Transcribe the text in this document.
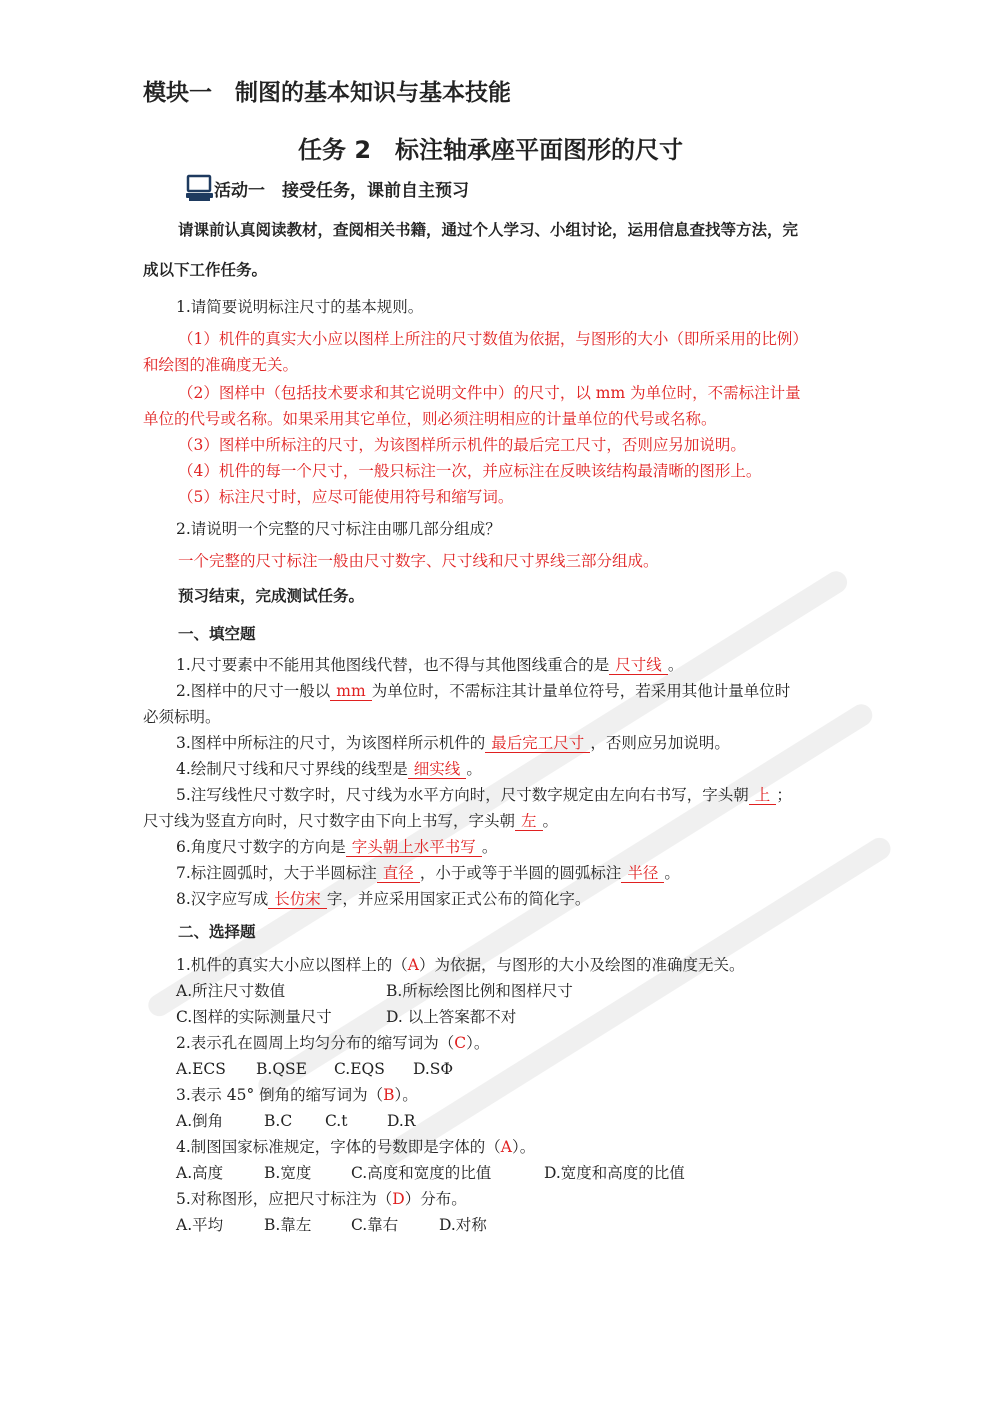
模块一　制图的基本知识与基本技能
任务 2　标注轴承座平面图形的尺寸
活动一　接受任务，课前自主预习
请课前认真阅读教材，查阅相关书籍，通过个人学习、小组讨论，运用信息查找等方法，完
成以下工作任务。
1.请简要说明标注尺寸的基本规则。
（1）机件的真实大小应以图样上所注的尺寸数值为依据，与图形的大小（即所采用的比例）
和绘图的准确度无关。
（2）图样中（包括技术要求和其它说明文件中）的尺寸，以 mm 为单位时，不需标注计量
单位的代号或名称。如果采用其它单位，则必须注明相应的计量单位的代号或名称。
（3）图样中所标注的尺寸，为该图样所示机件的最后完工尺寸，否则应另加说明。
（4）机件的每一个尺寸，一般只标注一次，并应标注在反映该结构最清晰的图形上。
（5）标注尺寸时，应尽可能使用符号和缩写词。
2.请说明一个完整的尺寸标注由哪几部分组成？
一个完整的尺寸标注一般由尺寸数字、尺寸线和尺寸界线三部分组成。
预习结束，完成测试任务。
一、填空题
1.尺寸要素中不能用其他图线代替，也不得与其他图线重合的是 尺寸线 。
2.图样中的尺寸一般以 mm 为单位时，不需标注其计量单位符号，若采用其他计量单位时
必须标明。
3.图样中所标注的尺寸，为该图样所示机件的 最后完工尺寸 ，否则应另加说明。
4.绘制尺寸线和尺寸界线的线型是 细实线 。
5.注写线性尺寸数字时，尺寸线为水平方向时，尺寸数字规定由左向右书写，字头朝 上 ；
尺寸线为竖直方向时，尺寸数字由下向上书写，字头朝 左 。
6.角度尺寸数字的方向是 字头朝上水平书写 。
7.标注圆弧时，大于半圆标注 直径 ，小于或等于半圆的圆弧标注 半径 。
8.汉字应写成 长仿宋 字，并应采用国家正式公布的简化字。
二、选择题
1.机件的真实大小应以图样上的（A）为依据，与图形的大小及绘图的准确度无关。
A.所注尺寸数值	B.所标绘图比例和图样尺寸
C.图样的实际测量尺寸	D. 以上答案都不对
2.表示孔在圆周上均匀分布的缩写词为（C）。
A.ECS B.QSE C.EQS D.SΦ
3.表示 45° 倒角的缩写词为（B）。
A.倒角	B.C C.t	D.R
4.制图国家标准规定，字体的号数即是字体的（A）。
A.高度	B.宽度	C.高度和宽度的比值	D.宽度和高度的比值
5.对称图形，应把尺寸标注为（D）分布。
A.平均	B.靠左	C.靠右	D.对称
